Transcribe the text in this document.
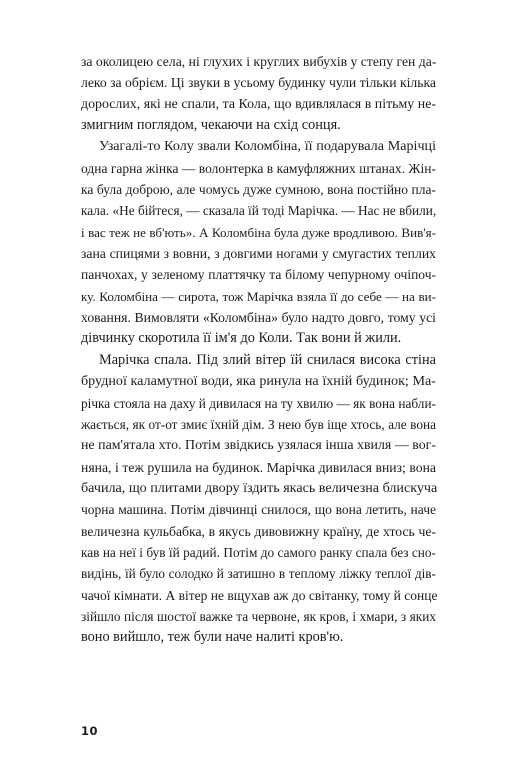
за околицею села, ні глухих і круглих вибухів у степу ген да-
леко за обрієм. Ці звуки в усьому будинку чули тільки кілька
дорослих, які не спали, та Кола, що вдивлялася в пітьму не-
змигним поглядом, чекаючи на схід сонця.
Узагалі-то Колу звали Коломбіна, її подарувала Марічці
одна гарна жінка — волонтерка в камуфляжних штанах. Жін-
ка була доброю, але чомусь дуже сумною, вона постійно пла-
кала. «Не бійтеся, — сказала їй тоді Марічка. — Нас не вбили,
і вас теж не вб'ють». А Коломбіна була дуже вродливою. Вив'я-
зана спицями з вовни, з довгими ногами у смугастих теплих
панчохах, у зеленому платтячку та білому чепурному очіпоч-
ку. Коломбіна — сирота, тож Марічка взяла її до себе — на ви-
ховання. Вимовляти «Коломбіна» було надто довго, тому усі
дівчинку скоротила її ім'я до Коли. Так вони й жили.
Марічка спала. Під злий вітер їй снилася висока стіна
брудної каламутної води, яка ринула на їхній будинок; Ма-
річка стояла на даху й дивилася на ту хвилю — як вона набли-
жається, як от-от змиє їхній дім. З нею був іще хтось, але вона
не пам'ятала хто. Потім звідкись узялася інша хвиля — вог-
няна, і теж рушила на будинок. Марічка дивилася вниз; вона
бачила, що плитами двору їздить якась величезна блискуча
чорна машина. Потім дівчинці снилося, що вона летить, наче
величезна кульбабка, в якусь дивовижну країну, де хтось че-
кав на неї і був їй радий. Потім до самого ранку спала без сно-
видінь, їй було солодко й затишно в теплому ліжку теплої дів-
чачої кімнати. А вітер не вщухав аж до світанку, тому й сонце
зійшло після шостої важке та червоне, як кров, і хмари, з яких
воно вийшло, теж були наче налиті кров'ю.
10
